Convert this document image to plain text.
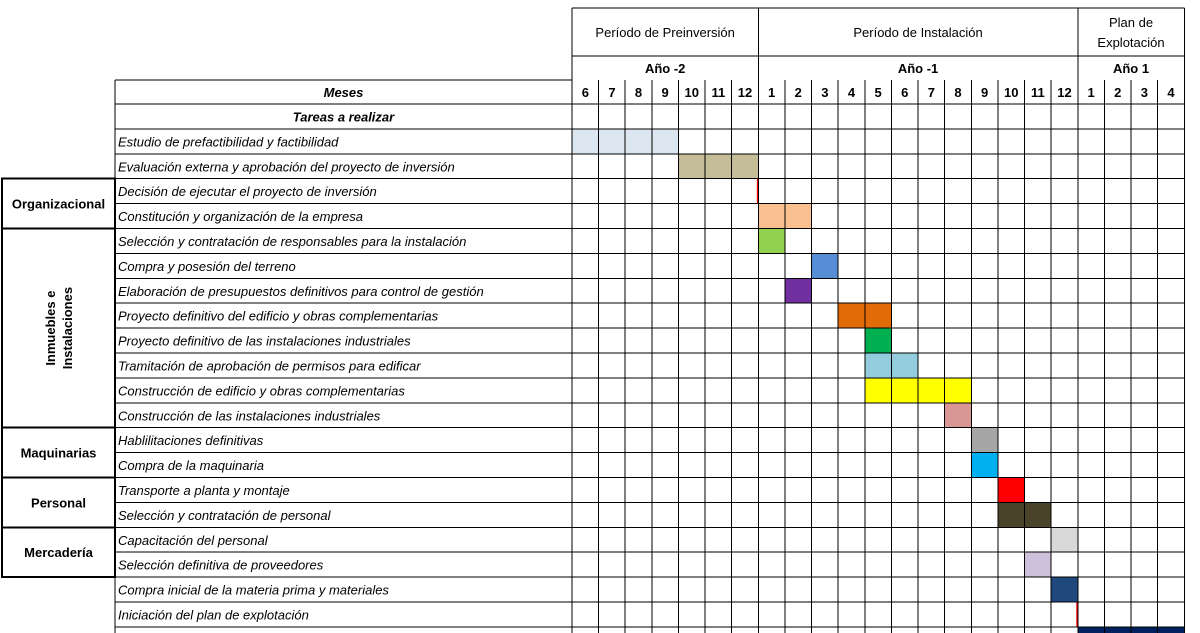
Período de Preinversión
Año -2
6 7 8 9 10 11 12
Período de Instalación
Año -1
1 2 3 4 5 6 7 8 9 10 11 12
Plan de
Explotación
Año 1
1 2 3 4
Meses
Tareas a realizar
Estudio de prefactibilidad y factibilidad
Evaluación externa y aprobación del proyecto de inversión
Decisión de ejecutar el proyecto de inversión
Constitución y organización de la empresa
Selección y contratación de responsables para la instalación
Compra y posesión del terreno
Elaboración de presupuestos definitivos para control de gestión
Proyecto definitivo del edificio y obras complementarias
Proyecto definitivo de las instalaciones industriales
Tramitación de aprobación de permisos para edificar
Construcción de edificio y obras complementarias
Construcción de las instalaciones industriales
Hablilitaciones definitivas
Compra de la maquinaria
Transporte a planta y montaje
Selección y contratación de personal
Capacitación del personal
Selección definitiva de proveedores
Compra inicial de la materia prima y materiales
Iniciación del plan de explotación
Organizacional
Inmuebles e Instalaciones
Maquinarias
Personal
Mercadería
